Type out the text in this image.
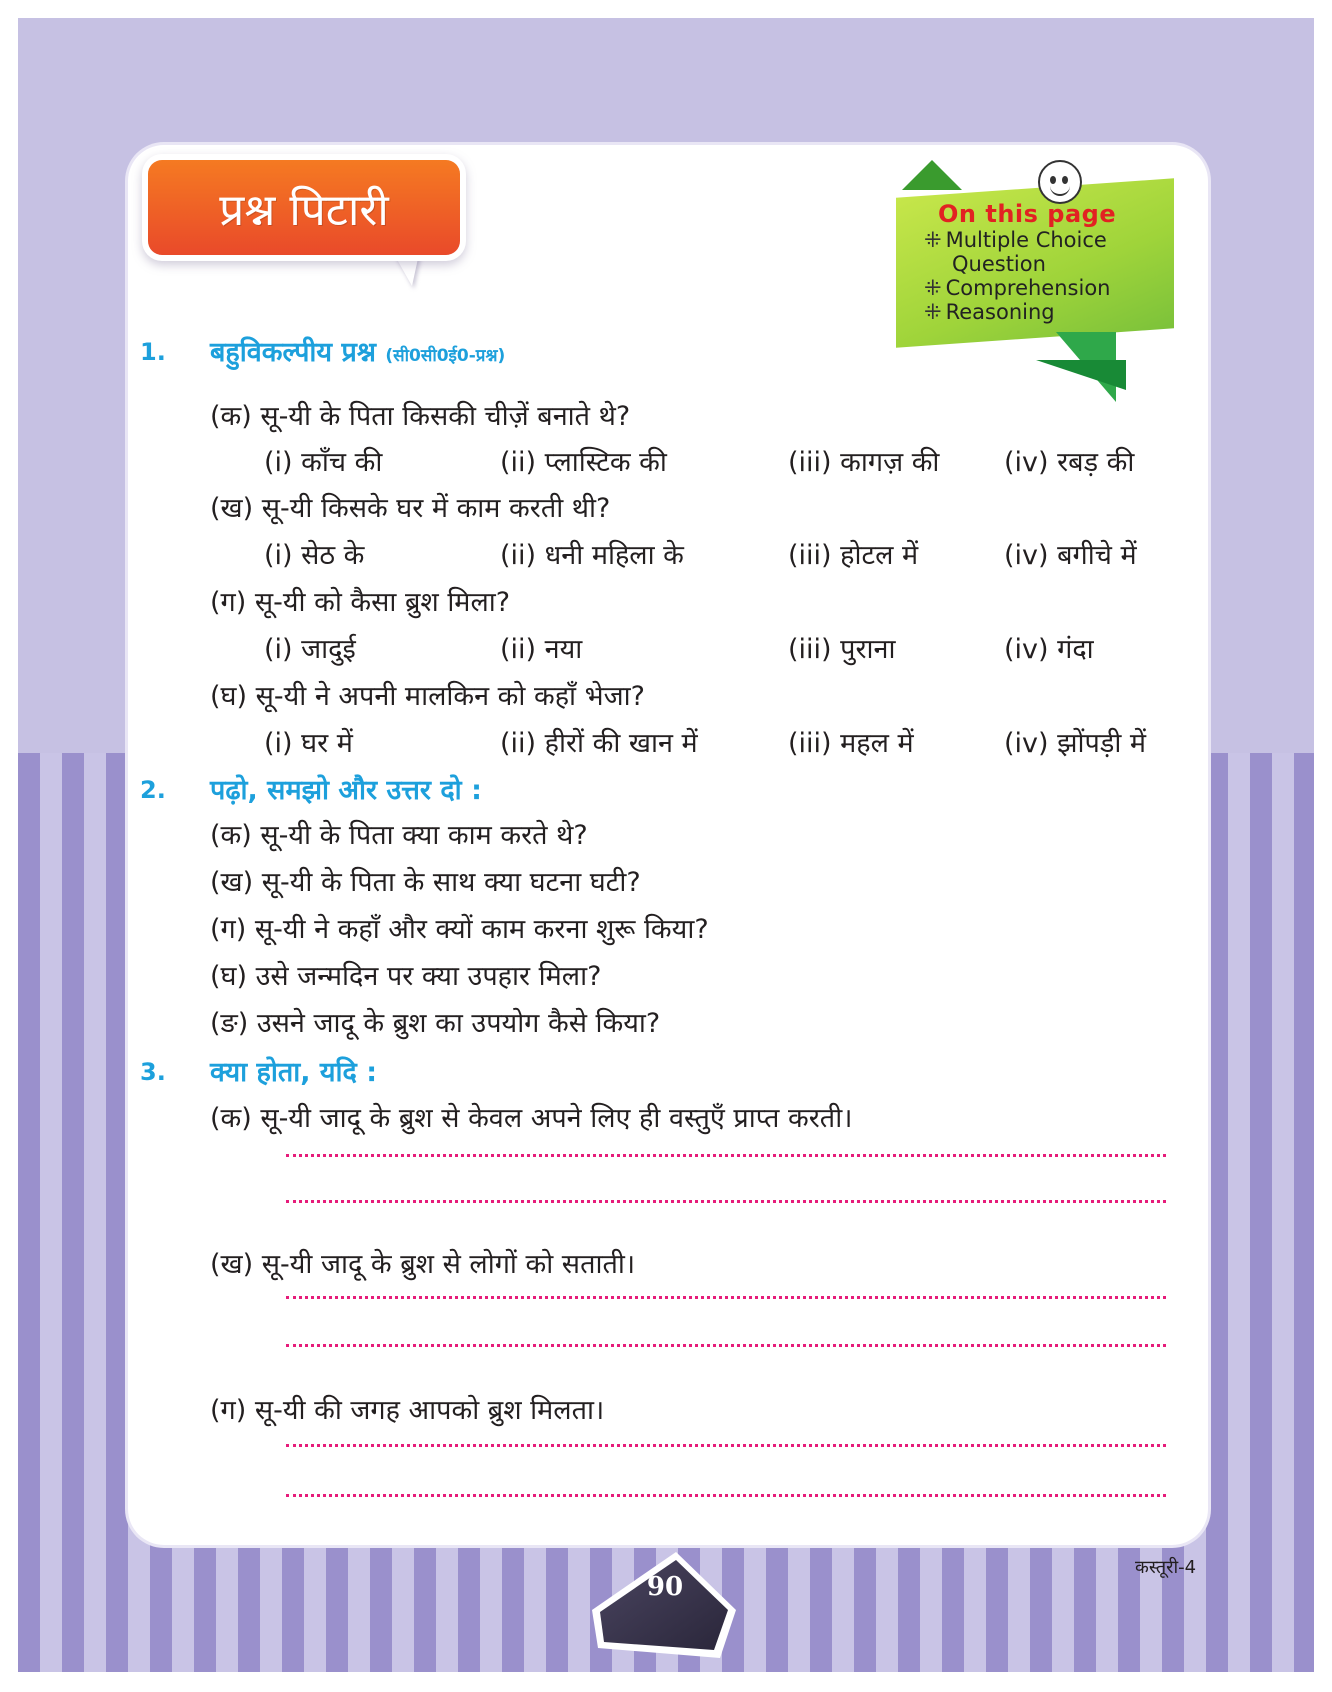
प्रश्न पिटारी	On this page
⁜ Multiple Choice
Question
⁜ Comprehension
⁜ Reasoning
1. बहुविकल्पीय प्रश्न (सी0सी0ई0-प्रश्न)
(क) सू-यी के पिता किसकी चीज़ें बनाते थे?
(i) काँच की	(ii) प्लास्टिक की	(iii) कागज़ की (iv) रबड़ की
(ख) सू-यी किसके घर में काम करती थी?
(i) सेठ के	(ii) धनी महिला के	(iii) होटल में	(iv) बगीचे में
(ग) सू-यी को कैसा ब्रुश मिला?
(i) जादुई	(ii) नया	(iii) पुराना	(iv) गंदा
(घ) सू-यी ने अपनी मालकिन को कहाँ भेजा?
(i) घर में	(ii) हीरों की खान में	(iii) महल में	(iv) झोंपड़ी में
2. पढ़ो, समझो और उत्तर दो :
(क) सू-यी के पिता क्या काम करते थे?
(ख) सू-यी के पिता के साथ क्या घटना घटी?
(ग) सू-यी ने कहाँ और क्यों काम करना शुरू किया?
(घ) उसे जन्मदिन पर क्या उपहार मिला?
(ङ) उसने जादू के ब्रुश का उपयोग कैसे किया?
3. क्या होता, यदि :
(क) सू-यी जादू के ब्रुश से केवल अपने लिए ही वस्तुएँ प्राप्त करती।
(ख) सू-यी जादू के ब्रुश से लोगों को सताती।
(ग) सू-यी की जगह आपको ब्रुश मिलता।
90
कस्तूरी-4
